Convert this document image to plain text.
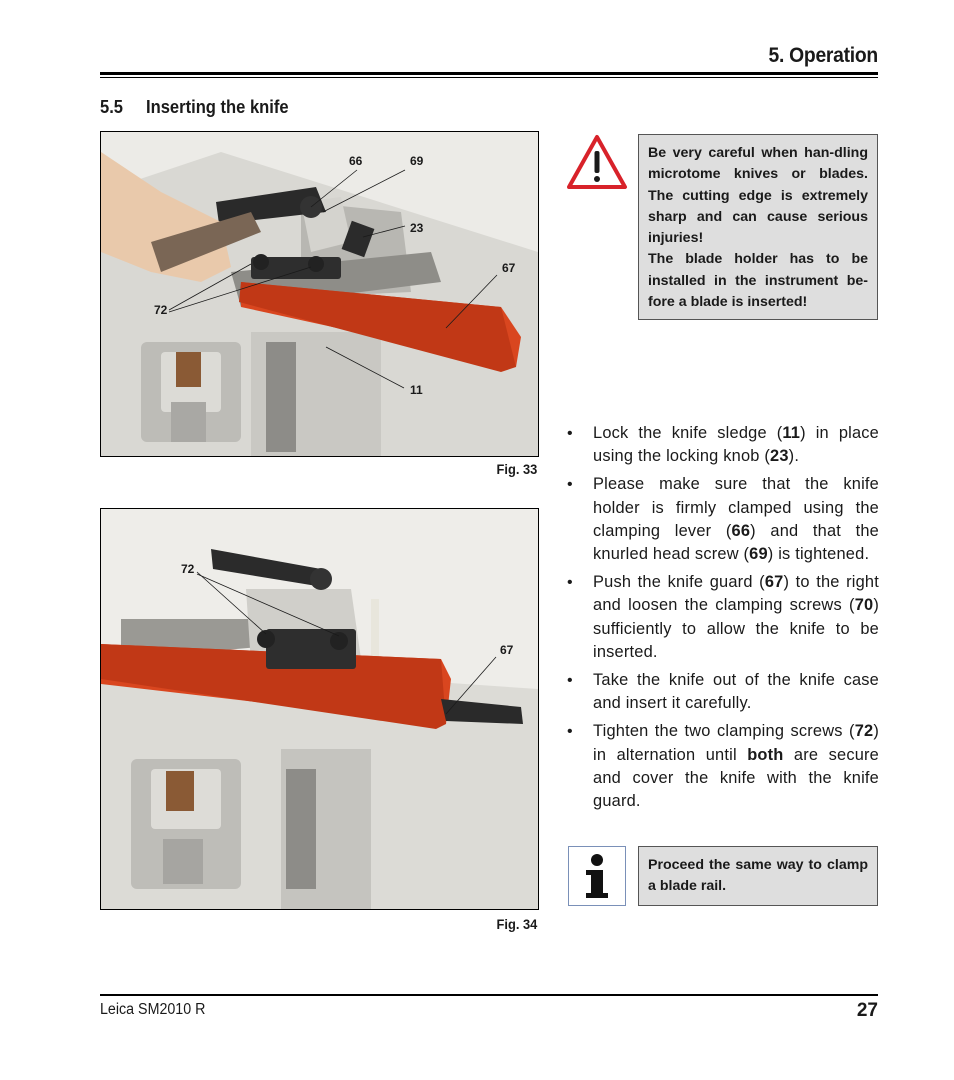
5. Operation
5.5 Inserting the knife
66	69
23
67
72
11
Fig. 33
72
67
Fig. 34

Be very careful when han-dling microtome knives or blades. The cutting edge is extremely sharp and can cause serious injuries!

The blade holder has to be installed in the instrument be-fore a blade is inserted!

• Lock the knife sledge (11) in place using the locking knob (23).
• Please make sure that the knife holder is firmly clamped using the clamping lever (66) and that the knurled head screw (69) is tightened.
• Push the knife guard (67) to the right and loosen the clamping screws (70) sufficiently to allow the knife to be inserted.
• Take the knife out of the knife case and insert it carefully.
• Tighten the two clamping screws (72) in alternation until both are secure and cover the knife with the knife guard.
Proceed the same way to clamp a blade rail.
Leica SM2010 R	27
